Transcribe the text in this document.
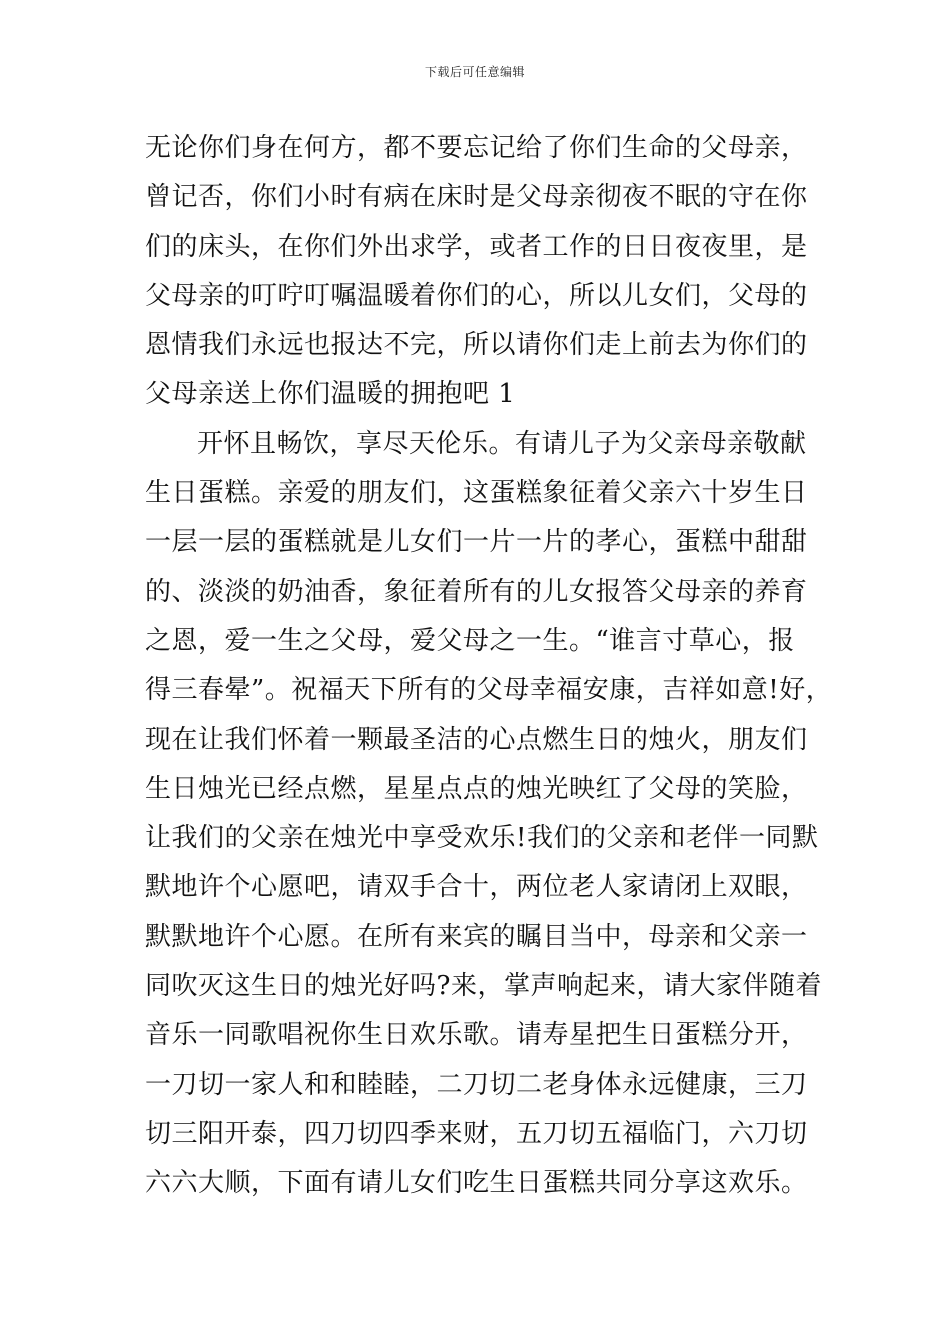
下载后可任意编辑
无论你们身在何方，都不要忘记给了你们生命的父母亲，
曾记否，你们小时有病在床时是父母亲彻夜不眠的守在你
们的床头，在你们外出求学，或者工作的日日夜夜里，是
父母亲的叮咛叮嘱温暖着你们的心，所以儿女们，父母的
恩情我们永远也报达不完，所以请你们走上前去为你们的
父母亲送上你们温暖的拥抱吧 1
开怀且畅饮，享尽天伦乐。有请儿子为父亲母亲敬献
生日蛋糕。亲爱的朋友们，这蛋糕象征着父亲六十岁生日
一层一层的蛋糕就是儿女们一片一片的孝心，蛋糕中甜甜
的、淡淡的奶油香，象征着所有的儿女报答父母亲的养育
之恩，爱一生之父母，爱父母之一生。“谁言寸草心，报
得三春晕”。祝福天下所有的父母幸福安康，吉祥如意!好，
现在让我们怀着一颗最圣洁的心点燃生日的烛火，朋友们
生日烛光已经点燃，星星点点的烛光映红了父母的笑脸，
让我们的父亲在烛光中享受欢乐!我们的父亲和老伴一同默
默地许个心愿吧，请双手合十，两位老人家请闭上双眼，
默默地许个心愿。在所有来宾的瞩目当中，母亲和父亲一
同吹灭这生日的烛光好吗?来，掌声响起来，请大家伴随着
音乐一同歌唱祝你生日欢乐歌。请寿星把生日蛋糕分开，
一刀切一家人和和睦睦，二刀切二老身体永远健康，三刀
切三阳开泰，四刀切四季来财，五刀切五福临门，六刀切
六六大顺，下面有请儿女们吃生日蛋糕共同分享这欢乐。
